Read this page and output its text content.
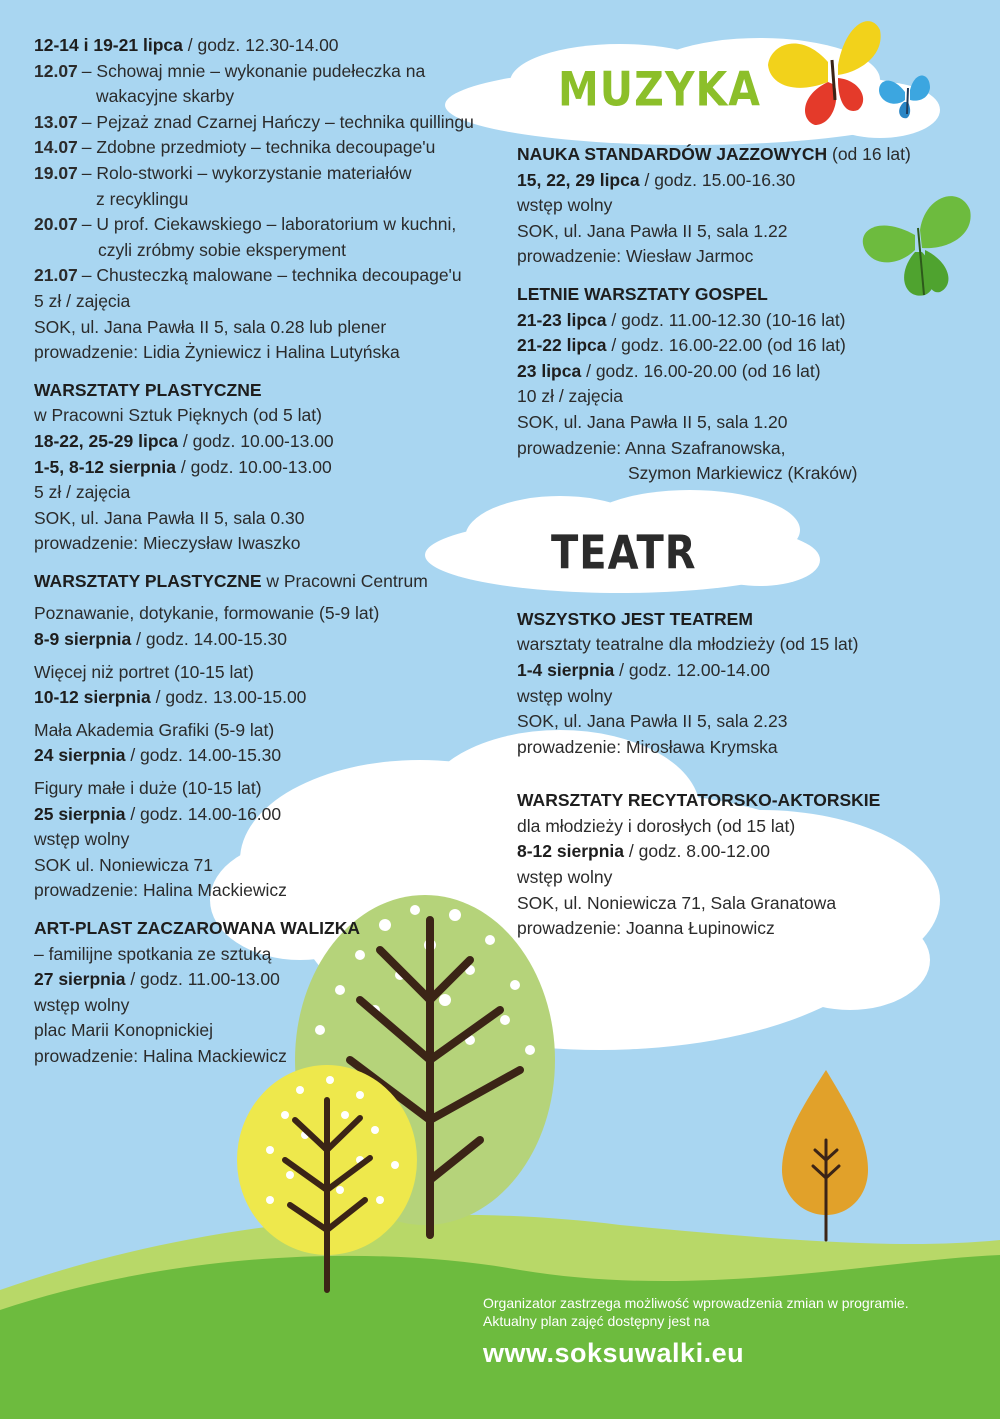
MUZYKA
TEATR
12-14 i 19-21 lipca / godz. 12.30-14.00
12.07 – Schowaj mnie – wykonanie pudełeczka na
wakacyjne skarby
13.07 – Pejzaż znad Czarnej Hańczy – technika quillingu
14.07 – Zdobne przedmioty – technika decoupage'u
19.07 – Rolo-stworki – wykorzystanie materiałów
z recyklingu
20.07 – U prof. Ciekawskiego – laboratorium w kuchni,
czyli zróbmy sobie eksperyment
21.07 – Chusteczką malowane – technika decoupage'u
5 zł / zajęcia
SOK, ul. Jana Pawła II 5, sala 0.28 lub plener
prowadzenie: Lidia Żyniewicz i Halina Lutyńska
WARSZTATY PLASTYCZNE
w Pracowni Sztuk Pięknych (od 5 lat)
18-22, 25-29 lipca / godz. 10.00-13.00
1-5, 8-12 sierpnia / godz. 10.00-13.00
5 zł / zajęcia
SOK, ul. Jana Pawła II 5, sala 0.30
prowadzenie: Mieczysław Iwaszko
WARSZTATY PLASTYCZNE w Pracowni Centrum
Poznawanie, dotykanie, formowanie (5-9 lat)
8-9 sierpnia / godz. 14.00-15.30
Więcej niż portret (10-15 lat)
10-12 sierpnia / godz. 13.00-15.00
Mała Akademia Grafiki (5-9 lat)
24 sierpnia / godz. 14.00-15.30
Figury małe i duże (10-15 lat)
25 sierpnia / godz. 14.00-16.00
wstęp wolny
SOK ul. Noniewicza 71
prowadzenie: Halina Mackiewicz
ART-PLAST ZACZAROWANA WALIZKA
– familijne spotkania ze sztuką
27 sierpnia / godz. 11.00-13.00
wstęp wolny
plac Marii Konopnickiej
prowadzenie: Halina Mackiewicz
NAUKA STANDARDÓW JAZZOWYCH (od 16 lat)
15, 22, 29 lipca / godz. 15.00-16.30
wstęp wolny
SOK, ul. Jana Pawła II 5, sala 1.22
prowadzenie: Wiesław Jarmoc
LETNIE WARSZTATY GOSPEL
21-23 lipca / godz. 11.00-12.30 (10-16 lat)
21-22 lipca / godz. 16.00-22.00 (od 16 lat)
23 lipca / godz. 16.00-20.00 (od 16 lat)
10 zł / zajęcia
SOK, ul. Jana Pawła II 5, sala 1.20
prowadzenie: Anna Szafranowska,
Szymon Markiewicz (Kraków)
WSZYSTKO JEST TEATREM
warsztaty teatralne dla młodzieży (od 15 lat)
1-4 sierpnia / godz. 12.00-14.00
wstęp wolny
SOK, ul. Jana Pawła II 5, sala 2.23
prowadzenie: Mirosława Krymska
WARSZTATY RECYTATORSKO-AKTORSKIE
dla młodzieży i dorosłych (od 15 lat)
8-12 sierpnia / godz. 8.00-12.00
wstęp wolny
SOK, ul. Noniewicza 71, Sala Granatowa
prowadzenie: Joanna Łupinowicz
Organizator zastrzega możliwość wprowadzenia zmian w programie.
Aktualny plan zajęć dostępny jest na
www.soksuwalki.eu
